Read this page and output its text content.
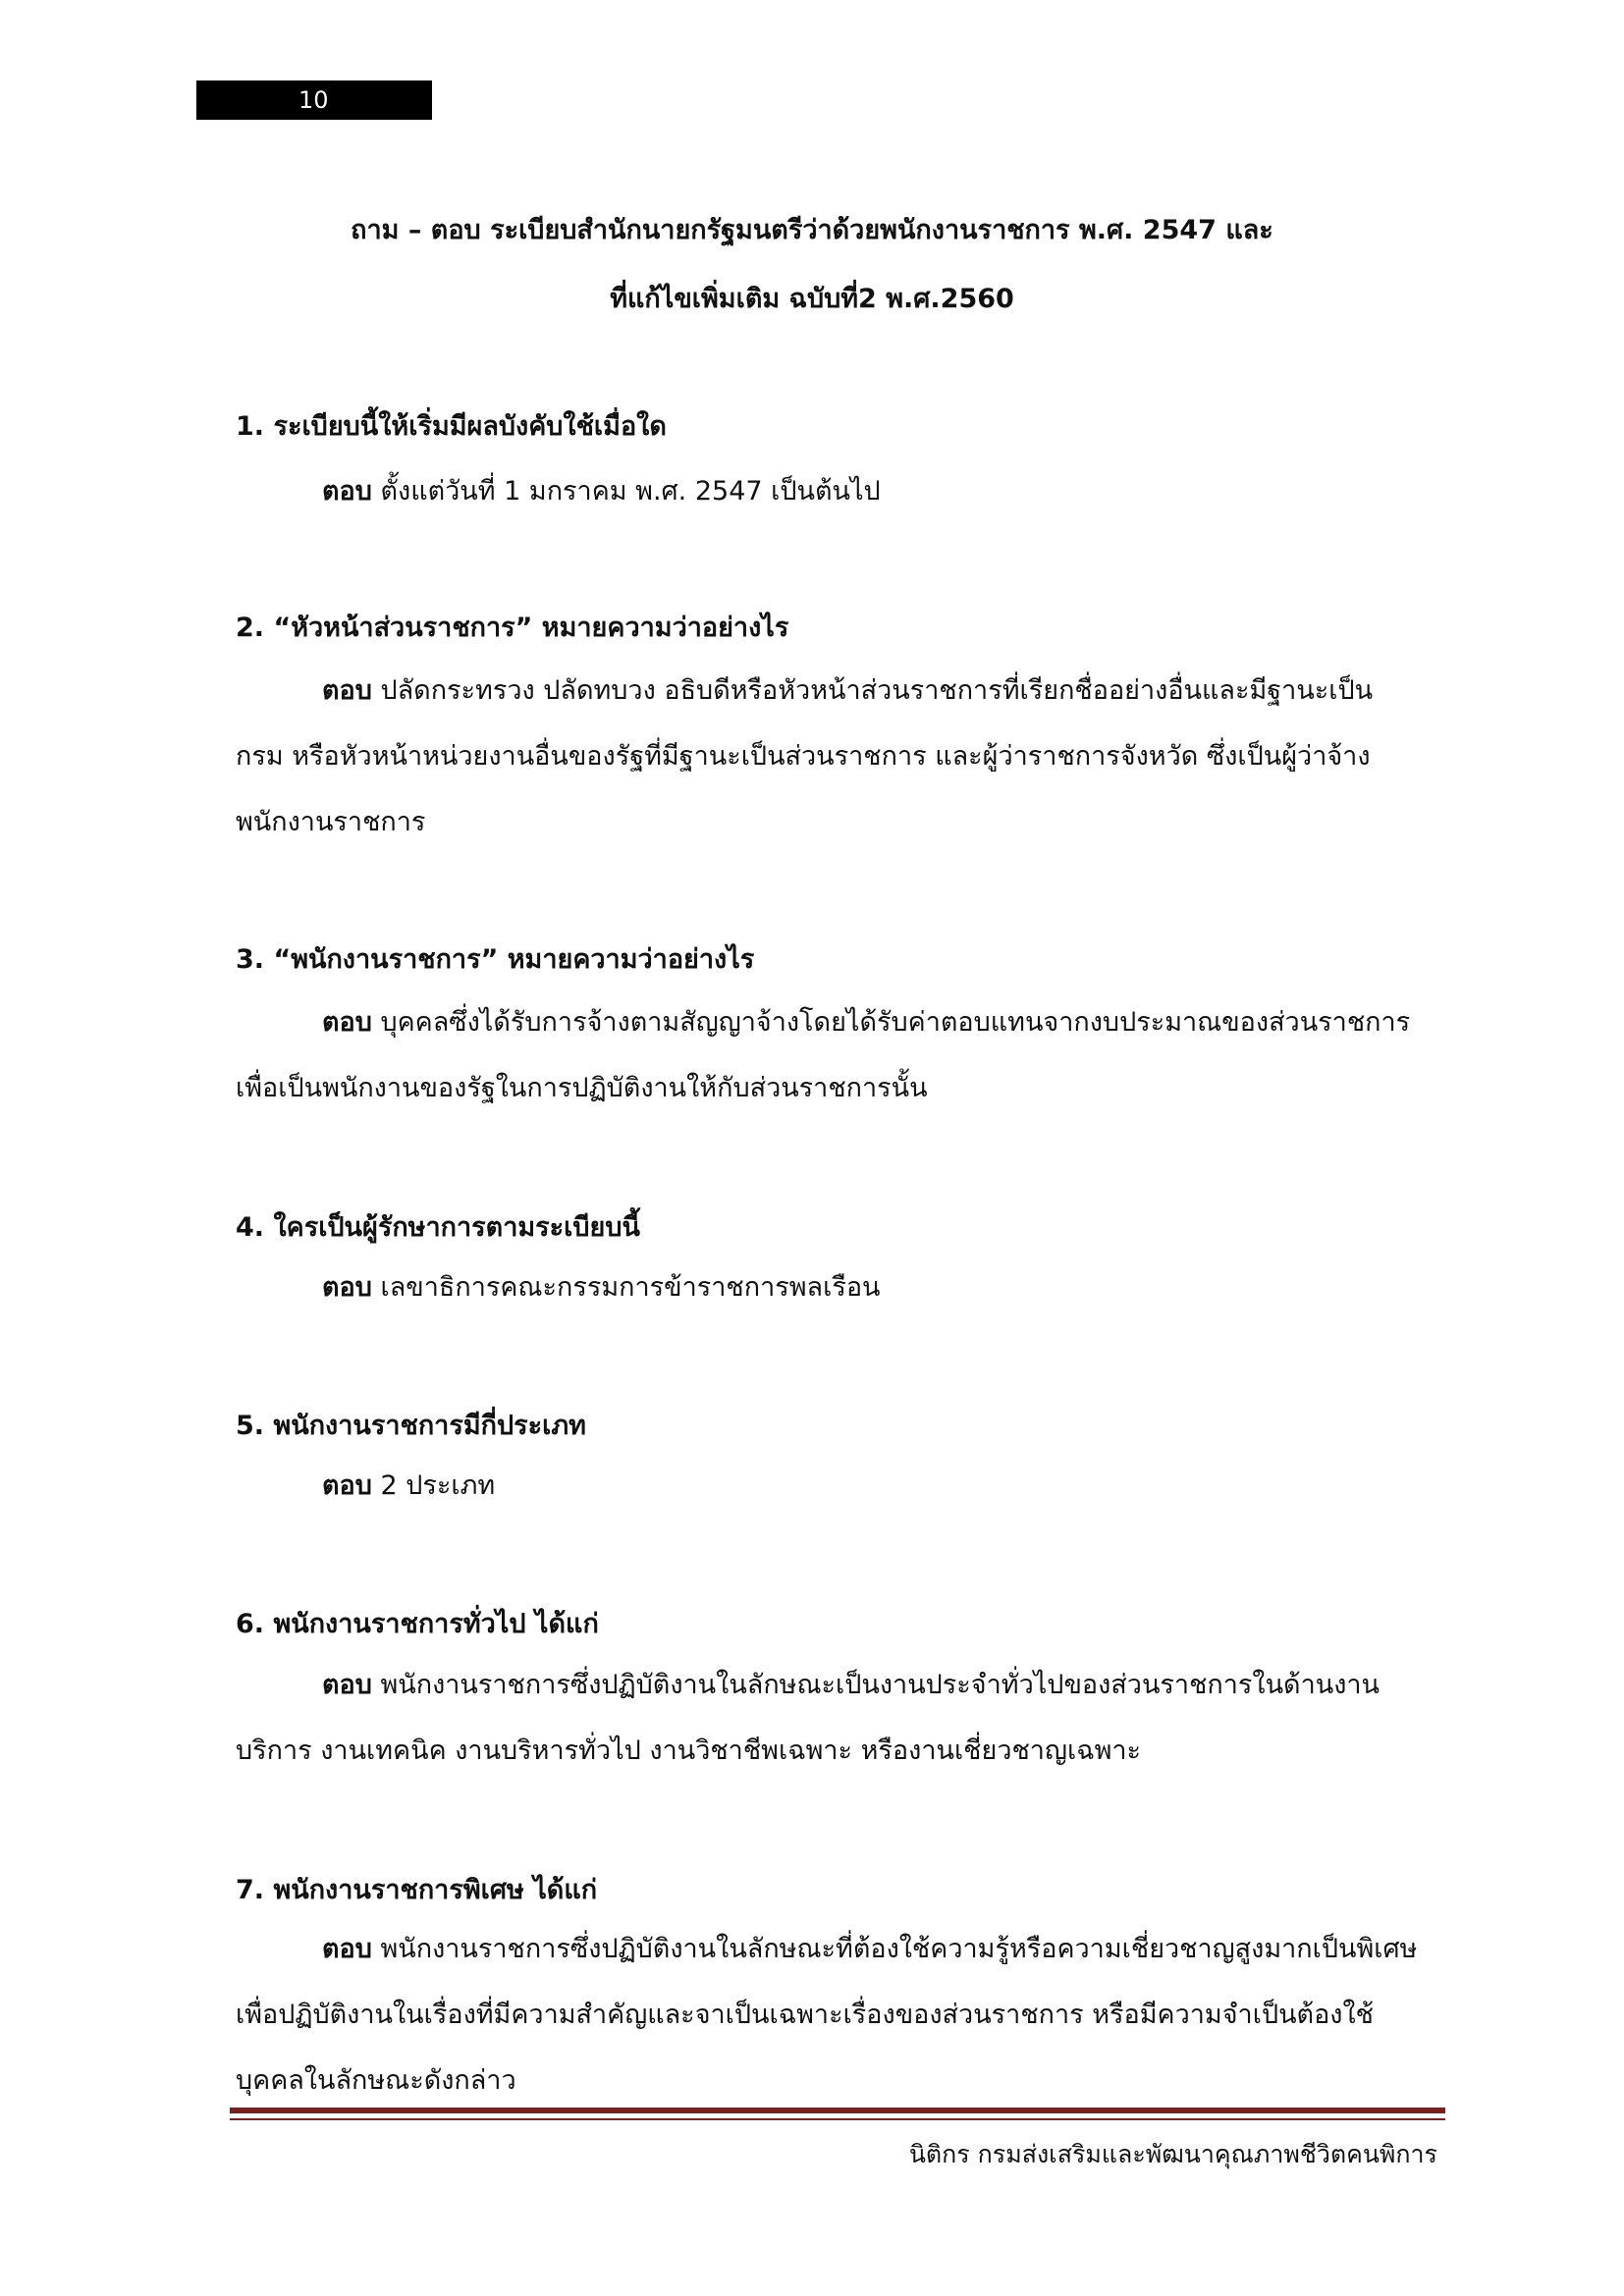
10
ถาม – ตอบ ระเบียบสำนักนายกรัฐมนตรีว่าด้วยพนักงานราชการ พ.ศ. 2547 และ
ที่แก้ไขเพิ่มเติม ฉบับที่2 พ.ศ.2560
1. ระเบียบนี้ให้เริ่มมีผลบังคับใช้เมื่อใด
ตอบ ตั้งแต่วันที่ 1 มกราคม พ.ศ. 2547 เป็นต้นไป
2. “หัวหน้าส่วนราชการ” หมายความว่าอย่างไร
ตอบ ปลัดกระทรวง ปลัดทบวง อธิบดีหรือหัวหน้าส่วนราชการที่เรียกชื่ออย่างอื่นและมีฐานะเป็น
กรม หรือหัวหน้าหน่วยงานอื่นของรัฐที่มีฐานะเป็นส่วนราชการ และผู้ว่าราชการจังหวัด ซึ่งเป็นผู้ว่าจ้าง
พนักงานราชการ
3. “พนักงานราชการ” หมายความว่าอย่างไร
ตอบ บุคคลซึ่งได้รับการจ้างตามสัญญาจ้างโดยได้รับค่าตอบแทนจากงบประมาณของส่วนราชการ
เพื่อเป็นพนักงานของรัฐในการปฏิบัติงานให้กับส่วนราชการนั้น
4. ใครเป็นผู้รักษาการตามระเบียบนี้
ตอบ เลขาธิการคณะกรรมการข้าราชการพลเรือน
5. พนักงานราชการมีกี่ประเภท
ตอบ 2 ประเภท
6. พนักงานราชการทั่วไป ได้แก่
ตอบ พนักงานราชการซึ่งปฏิบัติงานในลักษณะเป็นงานประจำทั่วไปของส่วนราชการในด้านงาน
บริการ งานเทคนิค งานบริหารทั่วไป งานวิชาชีพเฉพาะ หรืองานเชี่ยวชาญเฉพาะ
7. พนักงานราชการพิเศษ ได้แก่
ตอบ พนักงานราชการซึ่งปฏิบัติงานในลักษณะที่ต้องใช้ความรู้หรือความเชี่ยวชาญสูงมากเป็นพิเศษ
เพื่อปฏิบัติงานในเรื่องที่มีความสำคัญและจาเป็นเฉพาะเรื่องของส่วนราชการ หรือมีความจำเป็นต้องใช้
บุคคลในลักษณะดังกล่าว
นิติกร กรมส่งเสริมและพัฒนาคุณภาพชีวิตคนพิการ
